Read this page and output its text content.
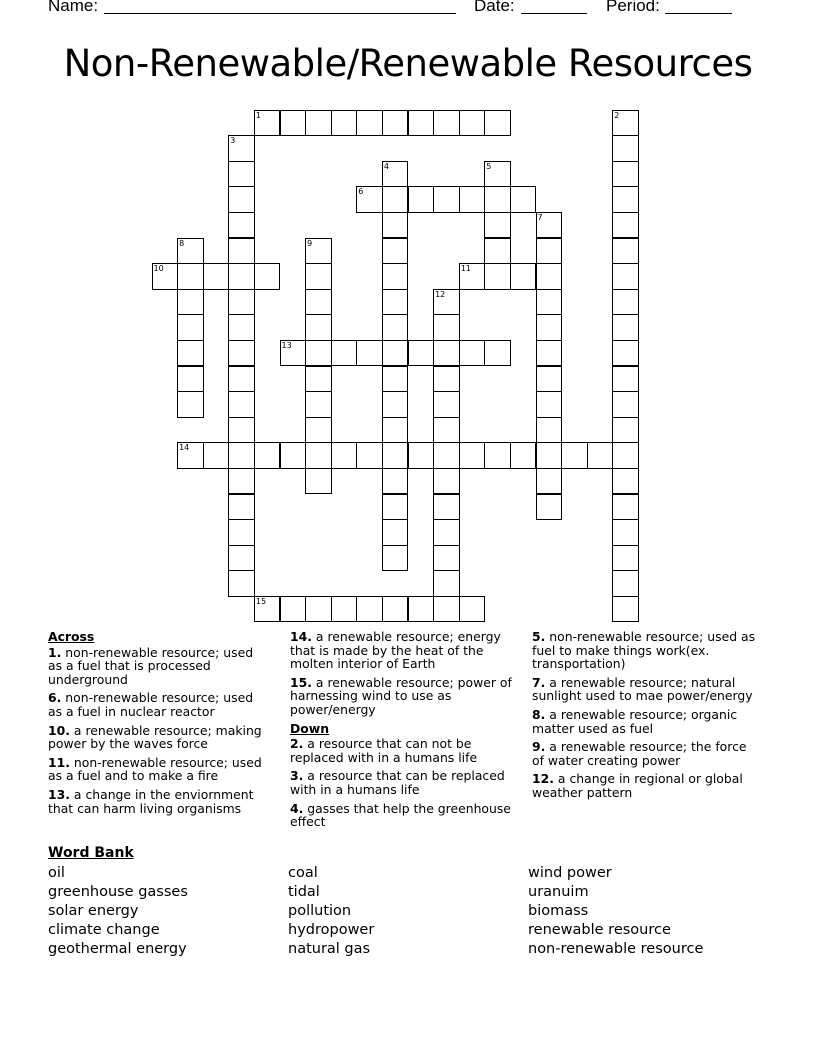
Name:	Date:	Period:
Non-Renewable/Renewable Resources
1	2
3
4	5
6
7
8	9
10	11
12
13
14
15
Across
1. non-renewable resource; used as a fuel that is processed underground
6. non-renewable resource; used as a fuel in nuclear reactor
10. a renewable resource; making power by the waves force
11. non-renewable resource; used as a fuel and to make a fire
13. a change in the enviornment that can harm living organisms
14. a renewable resource; energy that is made by the heat of the molten interior of Earth
15. a renewable resource; power of harnessing wind to use as power/energy
Down
2. a resource that can not be replaced with in a humans life
3. a resource that can be replaced with in a humans life
4. gasses that help the greenhouse effect
5. non-renewable resource; used as fuel to make things work(ex. transportation)
7. a renewable resource; natural sunlight used to mae power/energy
8. a renewable resource; organic matter used as fuel
9. a renewable resource; the force of water creating power
12. a change in regional or global weather pattern
Word Bank
oil
greenhouse gasses
solar energy
climate change
geothermal energy
coal
tidal
pollution
hydropower
natural gas
wind power
uranuim
biomass
renewable resource
non-renewable resource
